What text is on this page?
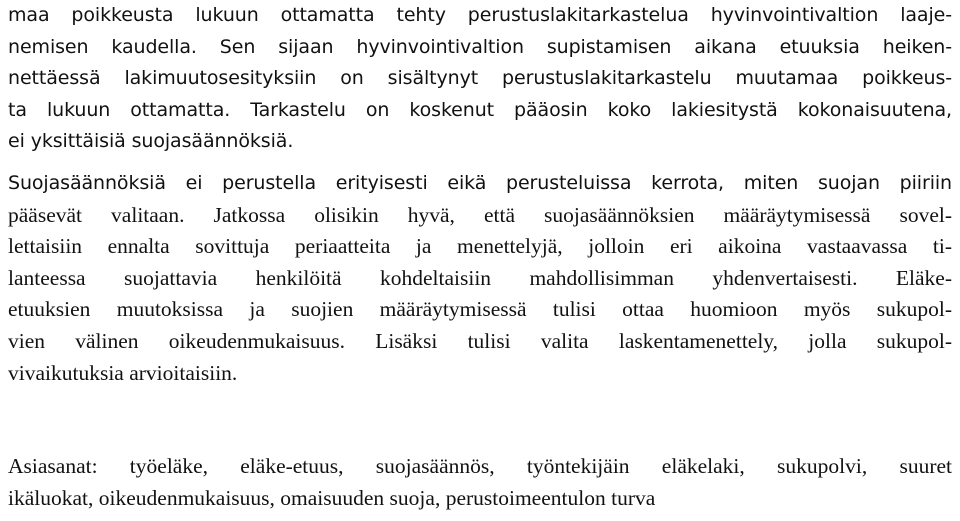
maa poikkeusta lukuun ottamatta tehty perustuslakitarkastelua hyvinvointivaltion laaje-
nemisen kaudella. Sen sijaan hyvinvointivaltion supistamisen aikana etuuksia heiken-
nettäessä lakimuutosesityksiin on sisältynyt perustuslakitarkastelu muutamaa poikkeus-
ta lukuun ottamatta. Tarkastelu on koskenut pääosin koko lakiesitystä kokonaisuutena,
ei yksittäisiä suojasäännöksiä.
Suojasäännöksiä ei perustella erityisesti eikä perusteluissa kerrota, miten suojan piiriin
pääsevät valitaan. Jatkossa olisikin hyvä, että suojasäännöksien määräytymisessä sovel-
lettaisiin ennalta sovittuja periaatteita ja menettelyjä, jolloin eri aikoina vastaavassa ti-
lanteessa suojattavia henkilöitä kohdeltaisiin mahdollisimman yhdenvertaisesti. Eläke-
etuuksien muutoksissa ja suojien määräytymisessä tulisi ottaa huomioon myös sukupol-
vien välinen oikeudenmukaisuus. Lisäksi tulisi valita laskentamenettely, jolla sukupol-
vivaikutuksia arvioitaisiin.
Asiasanat: työeläke, eläke-etuus, suojasäännös, työntekijäin eläkelaki, sukupolvi, suuret
ikäluokat, oikeudenmukaisuus, omaisuuden suoja, perustoimeentulon turva
